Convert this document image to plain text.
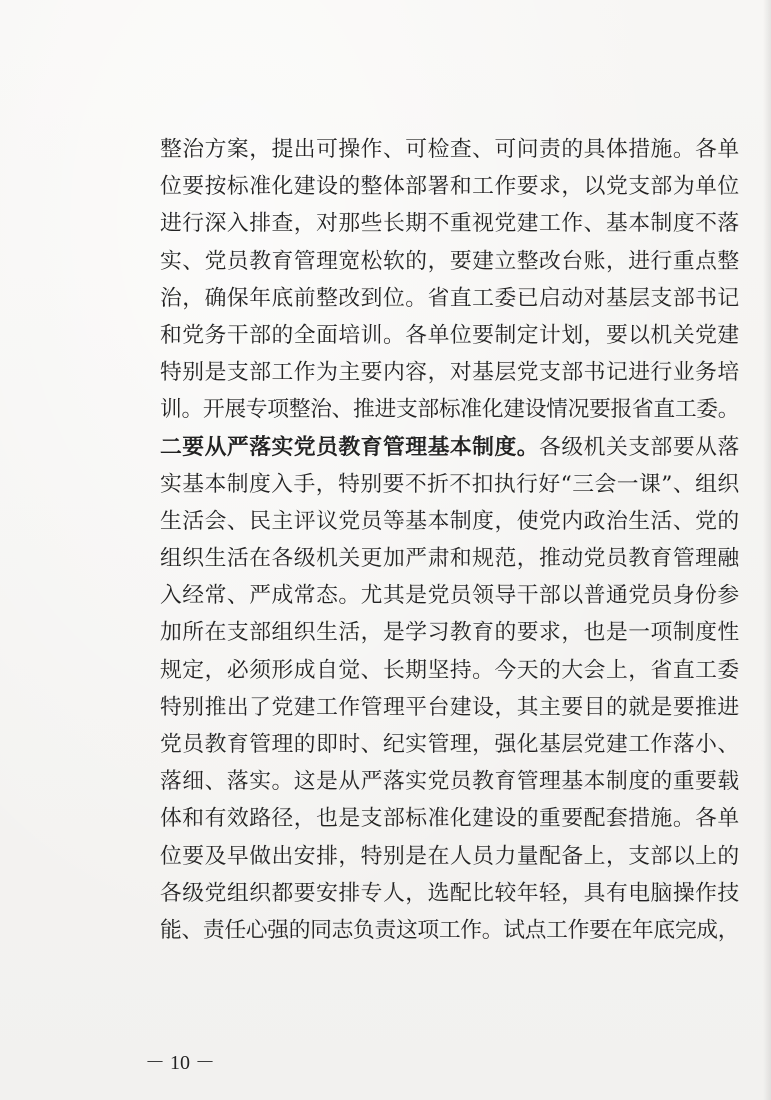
整治方案，提出可操作、可检查、可问责的具体措施。各单
位要按标准化建设的整体部署和工作要求，以党支部为单位
进行深入排查，对那些长期不重视党建工作、基本制度不落
实、党员教育管理宽松软的，要建立整改台账，进行重点整
治，确保年底前整改到位。省直工委已启动对基层支部书记
和党务干部的全面培训。各单位要制定计划，要以机关党建
特别是支部工作为主要内容，对基层党支部书记进行业务培
训。开展专项整治、推进支部标准化建设情况要报省直工委。
二要从严落实党员教育管理基本制度。各级机关支部要从落
实基本制度入手，特别要不折不扣执行好“三会一课”、组织
生活会、民主评议党员等基本制度，使党内政治生活、党的
组织生活在各级机关更加严肃和规范，推动党员教育管理融
入经常、严成常态。尤其是党员领导干部以普通党员身份参
加所在支部组织生活，是学习教育的要求，也是一项制度性
规定，必须形成自觉、长期坚持。今天的大会上，省直工委
特别推出了党建工作管理平台建设，其主要目的就是要推进
党员教育管理的即时、纪实管理，强化基层党建工作落小、
落细、落实。这是从严落实党员教育管理基本制度的重要载
体和有效路径，也是支部标准化建设的重要配套措施。各单
位要及早做出安排，特别是在人员力量配备上，支部以上的
各级党组织都要安排专人，选配比较年轻，具有电脑操作技
能、责任心强的同志负责这项工作。试点工作要在年底完成，
－ 10 －
